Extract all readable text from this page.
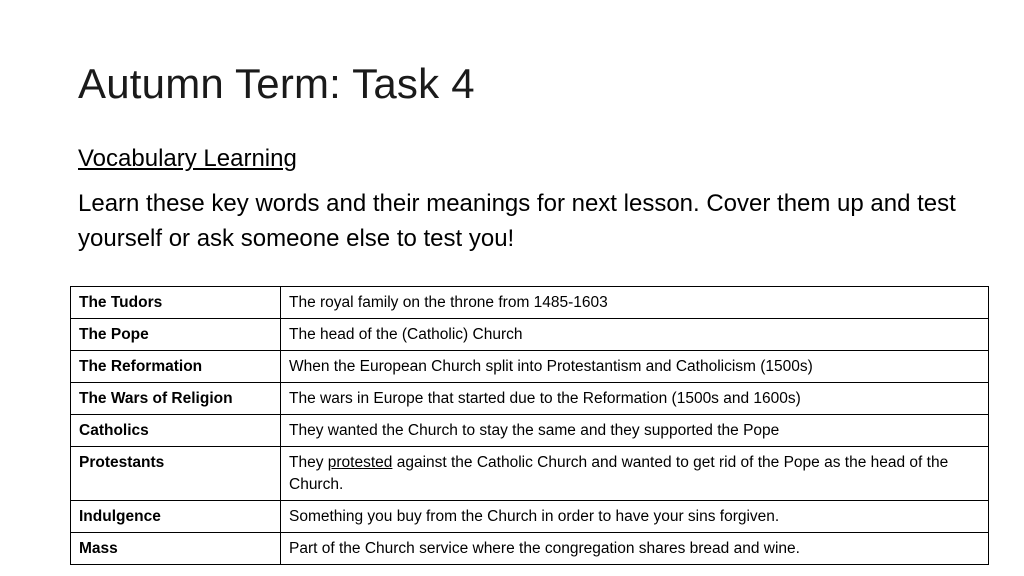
Autumn Term: Task 4
Vocabulary Learning
Learn these key words and their meanings for next lesson. Cover them up and test yourself or ask someone else to test you!
The Tudors	The royal family on the throne from 1485-1603
The Pope	The head of the (Catholic) Church
The Reformation	When the European Church split into Protestantism and Catholicism (1500s)
The Wars of Religion	The wars in Europe that started due to the Reformation (1500s and 1600s)
Catholics	They wanted the Church to stay the same and they supported the Pope
Protestants	They protested against the Catholic Church and wanted to get rid of the Pope as the head of the Church.
Indulgence	Something you buy from the Church in order to have your sins forgiven.
Mass	Part of the Church service where the congregation shares bread and wine.
